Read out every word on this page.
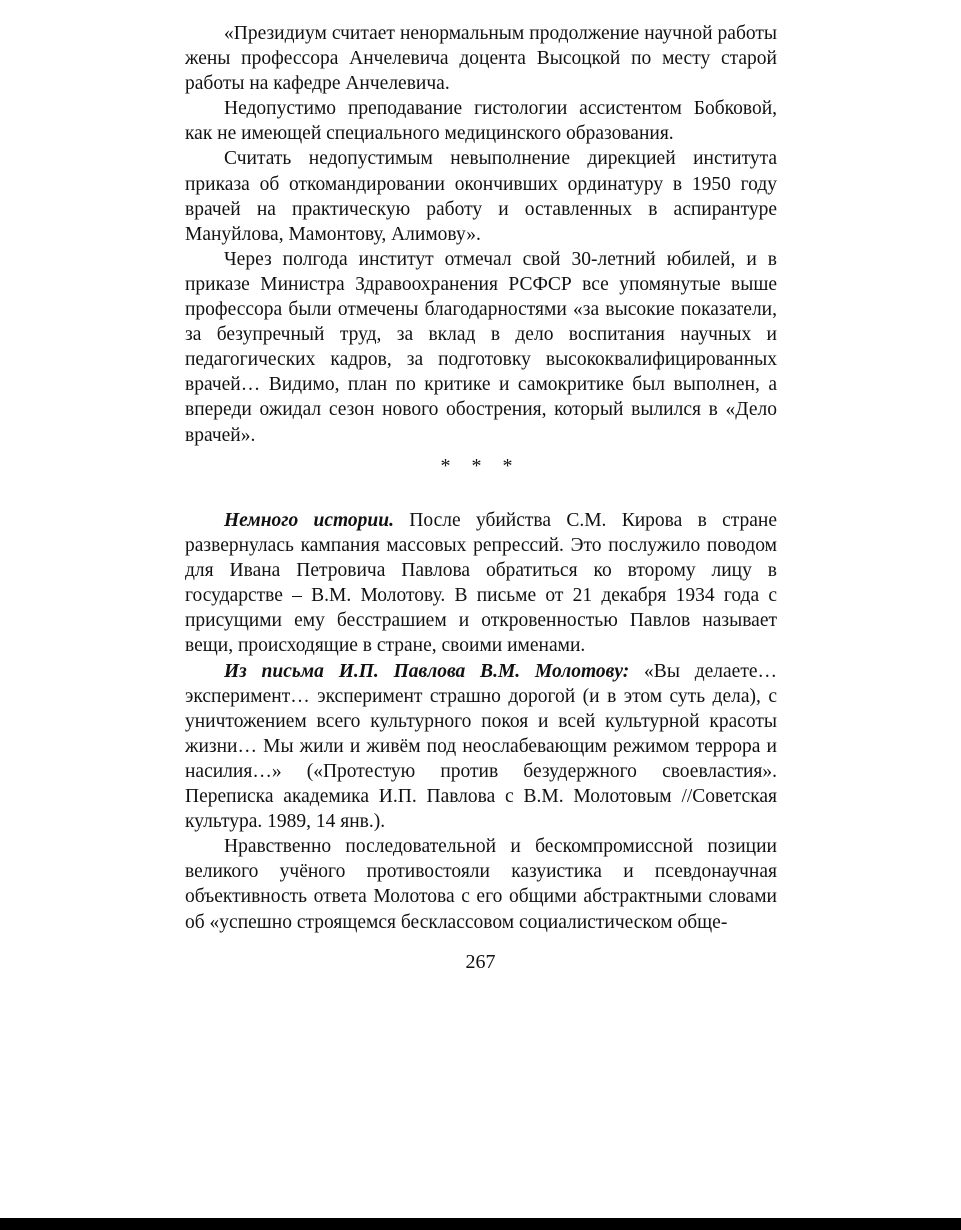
«Президиум считает ненормальным продолжение научной работы жены профессора Анчелевича доцента Высоцкой по месту старой работы на кафедре Анчелевича.

Недопустимо преподавание гистологии ассистентом Бобковой, как не имеющей специального медицинского образования.

Считать недопустимым невыполнение дирекцией института приказа об откомандировании окончивших ординатуру в 1950 году врачей на практическую работу и оставленных в аспирантуре Мануйлова, Мамонтову, Алимову».

Через полгода институт отмечал свой 30-летний юбилей, и в приказе Министра Здравоохранения РСФСР все упомянутые выше профессора были отмечены благодарностями «за высокие показатели, за безупречный труд, за вклад в дело воспитания научных и педагогических кадров, за подготовку высококвалифицированных врачей… Видимо, план по критике и самокритике был выполнен, а впереди ожидал сезон нового обострения, который вылился в «Дело врачей».

* * *

Немного истории. После убийства С.М. Кирова в стране развернулась кампания массовых репрессий. Это послужило поводом для Ивана Петровича Павлова обратиться ко второму лицу в государстве – В.М. Молотову. В письме от 21 декабря 1934 года с присущими ему бесстрашием и откровенностью Павлов называет вещи, происходящие в стране, своими именами.

Из письма И.П. Павлова В.М. Молотову: «Вы делаете… эксперимент… эксперимент страшно дорогой (и в этом суть дела), с уничтожением всего культурного покоя и всей культурной красоты жизни… Мы жили и живём под неослабевающим режимом террора и насилия…» («Протестую против безудержного своевластия». Переписка академика И.П. Павлова с В.М. Молотовым //Советская культура. 1989, 14 янв.).

Нравственно последовательной и бескомпромиссной позиции великого учёного противостояли казуистика и псевдонаучная объективность ответа Молотова с его общими абстрактными словами об «успешно строящемся бесклассовом социалистическом обще-

267
